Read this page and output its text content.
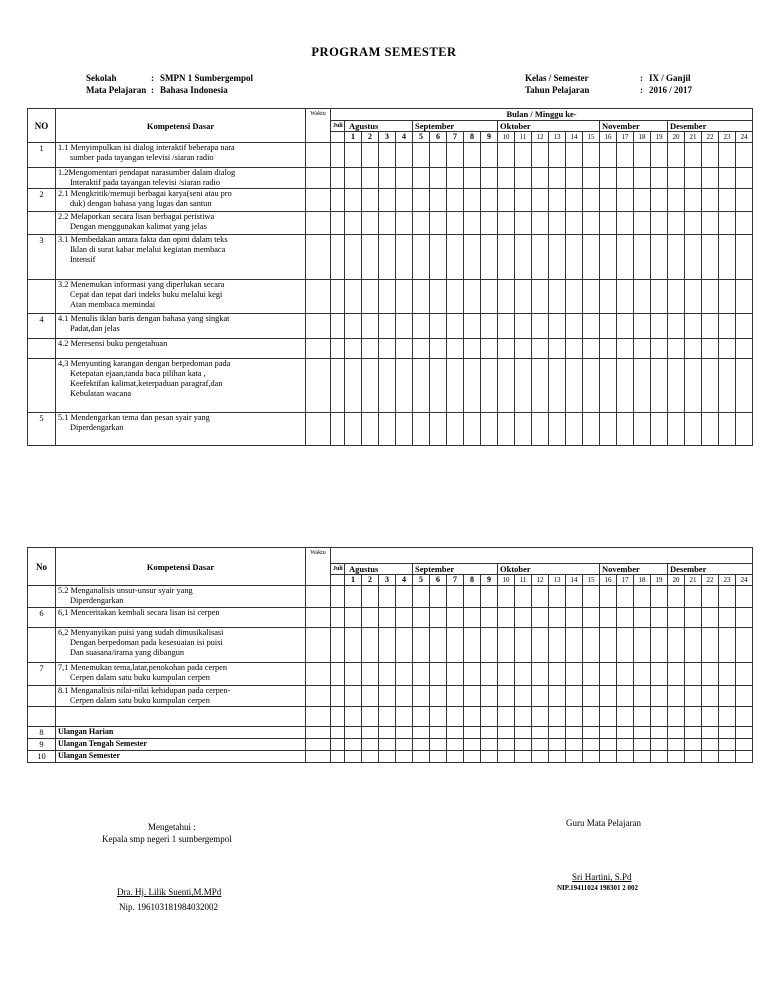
PROGRAM SEMESTER
Sekolah	: SMPN 1 Sumbergempol
Mata Pelajaran : Bahasa Indonesia
Kelas / Semester	: IX / Ganjil
Tahun Pelajaran	: 2016 / 2017
NO	Kompetensi Dasar	Waktu	Bulan / Minggu ke-																								
			Juli	Agustus				September					Oktober						November				Desember				
				1	2	3	4	5	6	7	8	9	10	11	12	13	14	15	16	17	18	19	20	21	22	23	24
1	1.1 Menyimpulkan isi dialog interaktif beberapa nara
sumber pada tayangan televisi /siaran radio																										

	1.2Mengomentari pendapat narasumber dalam dialog
Interaktif pada tayangan televisi /siaran radio																										

2	2.1 Mengkritik/memuji berbagai karya(seni atau pro
duk) dengan bahasa yang lugas dan santun																										

	2.2 Melaporkan secara lisan berbagai peristiwa
Dengan menggunakan kalimat yang jelas																										

3	3.1 Membedakan antara fakta dan opini dalam teks
Iklan di surat kabar melalui kegiatan membaca
Intensif																										

	3.2 Menemukan informasi yang diperlukan secara
Cepat dan tepat dari indeks buku melalui kegi
Atan membaca memindai																										

4	4.1 Menulis iklan baris dengan bahasa yang singkat
Padat,dan jelas																										

	4.2 Meresensi buku pengetahuan																										

	4,3 Menyunting karangan dengan berpedoman pada
Ketepatan ejaan,tanda baca pilihan kata ,
Keefektifan kalimat,keterpaduan paragraf,dan
Kebulatan wacana																										

5	5.1 Mendengarkan tema dan pesan syair yang
Diperdengarkan																										

No	Kompetensi Dasar	Waktu																									
			Juli	Agustus				September					Oktober						November				Desember				
				1	2	3	4	5	6	7	8	9	10	11	12	13	14	15	16	17	18	19	20	21	22	23	24

	5.2 Menganalisis unsur-unsur syair yang
Diperdengarkan																										

6	6,1 Menceritakan kembali secara lisan isi cerpen																										

	6,2 Menyanyikan puisi yang sudah dimusikalisasi
Dengan berpedoman pada kesesuaian isi puisi
Dan suasana/irama yang dibangun																										

7	7,1 Menemukan tema,latar,penokohan pada cerpen
Cerpen dalam satu buku kumpulan cerpen																										

	8.1 Menganalisis nilai-nilai kehidupan pada cerpen-
Cerpen dalam satu buku kumpulan cerpen																										

8	Ulangan Harian																										

9	Ulangan Tengah Semester																										

10	Ulangan Semester																										

Mengetahui :
Kepala smp negeri 1 sumbergempol
Dra. Hj. Lilik Suenti,M.MPd
Nip. 196103181984032002
Guru Mata Pelajaran
Sri Hartini, S.Pd
NIP.19411024 198301 2 002
